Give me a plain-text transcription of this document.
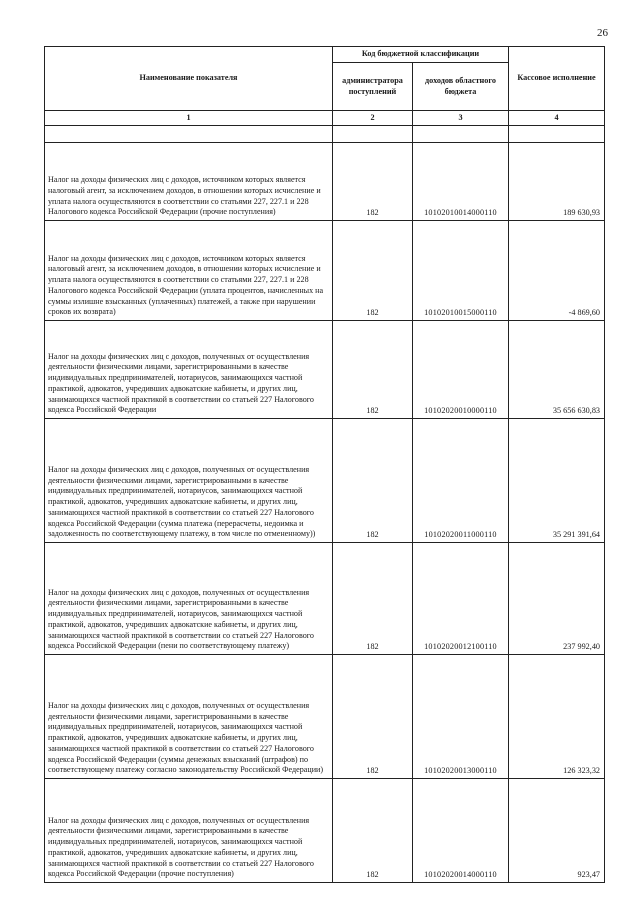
26
Наименование показателя	Код бюджетной классификации		Кассовое исполнение
	администратора поступлений	доходов областного бюджета	
1	2	3	4

Налог на доходы физических лиц с доходов, источником которых является налоговый агент, за исключением доходов, в отношении которых исчисление и уплата налога осуществляются в соответствии со статьями 227, 227.1 и 228 Налогового кодекса Российской Федерации (прочие поступления)	182	10102010014000110	189 630,93
Налог на доходы физических лиц с доходов, источником которых является налоговый агент, за исключением доходов, в отношении которых исчисление и уплата налога осуществляются в соответствии со статьями 227, 227.1 и 228 Налогового кодекса Российской Федерации (уплата процентов, начисленных на суммы излишне взысканных (уплаченных) платежей, а также при нарушении сроков их возврата)	182	10102010015000110	-4 869,60
Налог на доходы физических лиц с доходов, полученных от осуществления деятельности физическими лицами, зарегистрированными в качестве индивидуальных предпринимателей, нотариусов, занимающихся частной практикой, адвокатов, учредивших адвокатские кабинеты, и других лиц, занимающихся частной практикой в соответствии со статьей 227 Налогового кодекса Российской Федерации	182	10102020010000110	35 656 630,83
Налог на доходы физических лиц с доходов, полученных от осуществления деятельности физическими лицами, зарегистрированными в качестве индивидуальных предпринимателей, нотариусов, занимающихся частной практикой, адвокатов, учредивших адвокатские кабинеты, и других лиц, занимающихся частной практикой в соответствии со статьей 227 Налогового кодекса Российской Федерации (сумма платежа (перерасчеты, недоимка и задолженность по соответствующему платежу, в том числе по отмененному))	182	10102020011000110	35 291 391,64
Налог на доходы физических лиц с доходов, полученных от осуществления деятельности физическими лицами, зарегистрированными в качестве индивидуальных предпринимателей, нотариусов, занимающихся частной практикой, адвокатов, учредивших адвокатские кабинеты, и других лиц, занимающихся частной практикой в соответствии со статьей 227 Налогового кодекса Российской Федерации (пени по соответствующему платежу)	182	10102020012100110	237 992,40
Налог на доходы физических лиц с доходов, полученных от осуществления деятельности физическими лицами, зарегистрированными в качестве индивидуальных предпринимателей, нотариусов, занимающихся частной практикой, адвокатов, учредивших адвокатские кабинеты, и других лиц, занимающихся частной практикой в соответствии со статьей 227 Налогового кодекса Российской Федерации (суммы денежных взысканий (штрафов) по соответствующему платежу согласно законодательству Российской Федерации)	182	10102020013000110	126 323,32
Налог на доходы физических лиц с доходов, полученных от осуществления деятельности физическими лицами, зарегистрированными в качестве индивидуальных предпринимателей, нотариусов, занимающихся частной практикой, адвокатов, учредивших адвокатские кабинеты, и других лиц, занимающихся частной практикой в соответствии со статьей 227 Налогового кодекса Российской Федерации (прочие поступления)	182	10102020014000110	923,47
